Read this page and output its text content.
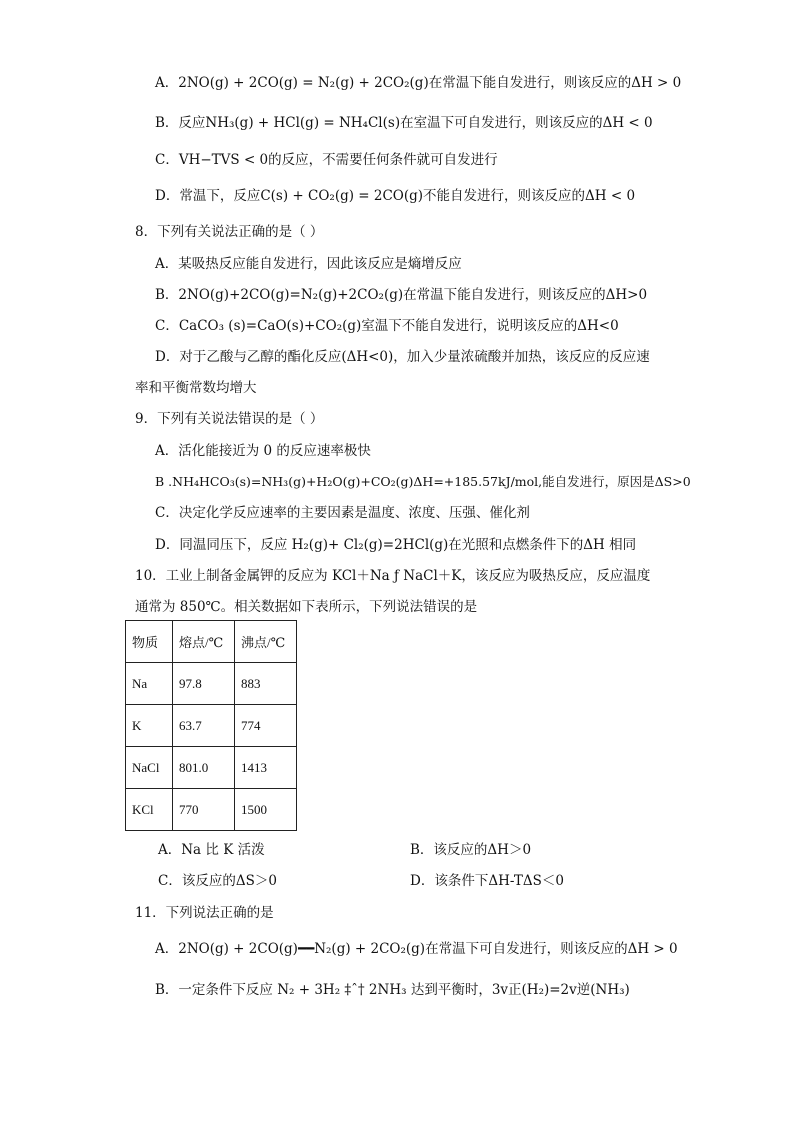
A．2NO(g) + 2CO(g) = N₂(g) + 2CO₂(g)在常温下能自发进行，则该反应的ΔH > 0
B．反应NH₃(g) + HCl(g) = NH₄Cl(s)在室温下可自发进行，则该反应的ΔH < 0
C．VH−TVS < 0的反应，不需要任何条件就可自发进行
D．常温下，反应C(s) + CO₂(g) = 2CO(g)不能自发进行，则该反应的ΔH < 0
8．下列有关说法正确的是（ ）
A．某吸热反应能自发进行，因此该反应是熵增反应
B．2NO(g)+2CO(g)=N₂(g)+2CO₂(g)在常温下能自发进行，则该反应的ΔH>0
C．CaCO₃ (s)=CaO(s)+CO₂(g)室温下不能自发进行，说明该反应的ΔH<0
D．对于乙酸与乙醇的酯化反应(ΔH<0)，加入少量浓硫酸并加热，该反应的反应速
率和平衡常数均增大
9．下列有关说法错误的是（ ）
A．活化能接近为 0 的反应速率极快
B .NH₄HCO₃(s)=NH₃(g)+H₂O(g)+CO₂(g)ΔH=+185.57kJ/mol,能自发进行，原因是ΔS>0
C．决定化学反应速率的主要因素是温度、浓度、压强、催化剂
D．同温同压下，反应 H₂(g)+ Cl₂(g)=2HCl(g)在光照和点燃条件下的ΔH 相同
10．工业上制备金属钾的反应为 KCl＋Na ƒ NaCl＋K，该反应为吸热反应，反应温度
通常为 850℃。相关数据如下表所示，下列说法错误的是
物质	熔点/℃	沸点/℃
Na	97.8	883
K	63.7	774
NaCl	801.0	1413
KCl	770	1500
A．Na 比 K 活泼	B．该反应的ΔH＞0
C．该反应的ΔS＞0	D．该条件下ΔH-TΔS＜0
11．下列说法正确的是
A．2NO(g) + 2CO(g)━━N₂(g) + 2CO₂(g)在常温下可自发进行，则该反应的ΔH > 0
B．一定条件下反应 N₂ + 3H₂ ‡ˆ† 2NH₃ 达到平衡时，3v正(H₂)=2v逆(NH₃)
